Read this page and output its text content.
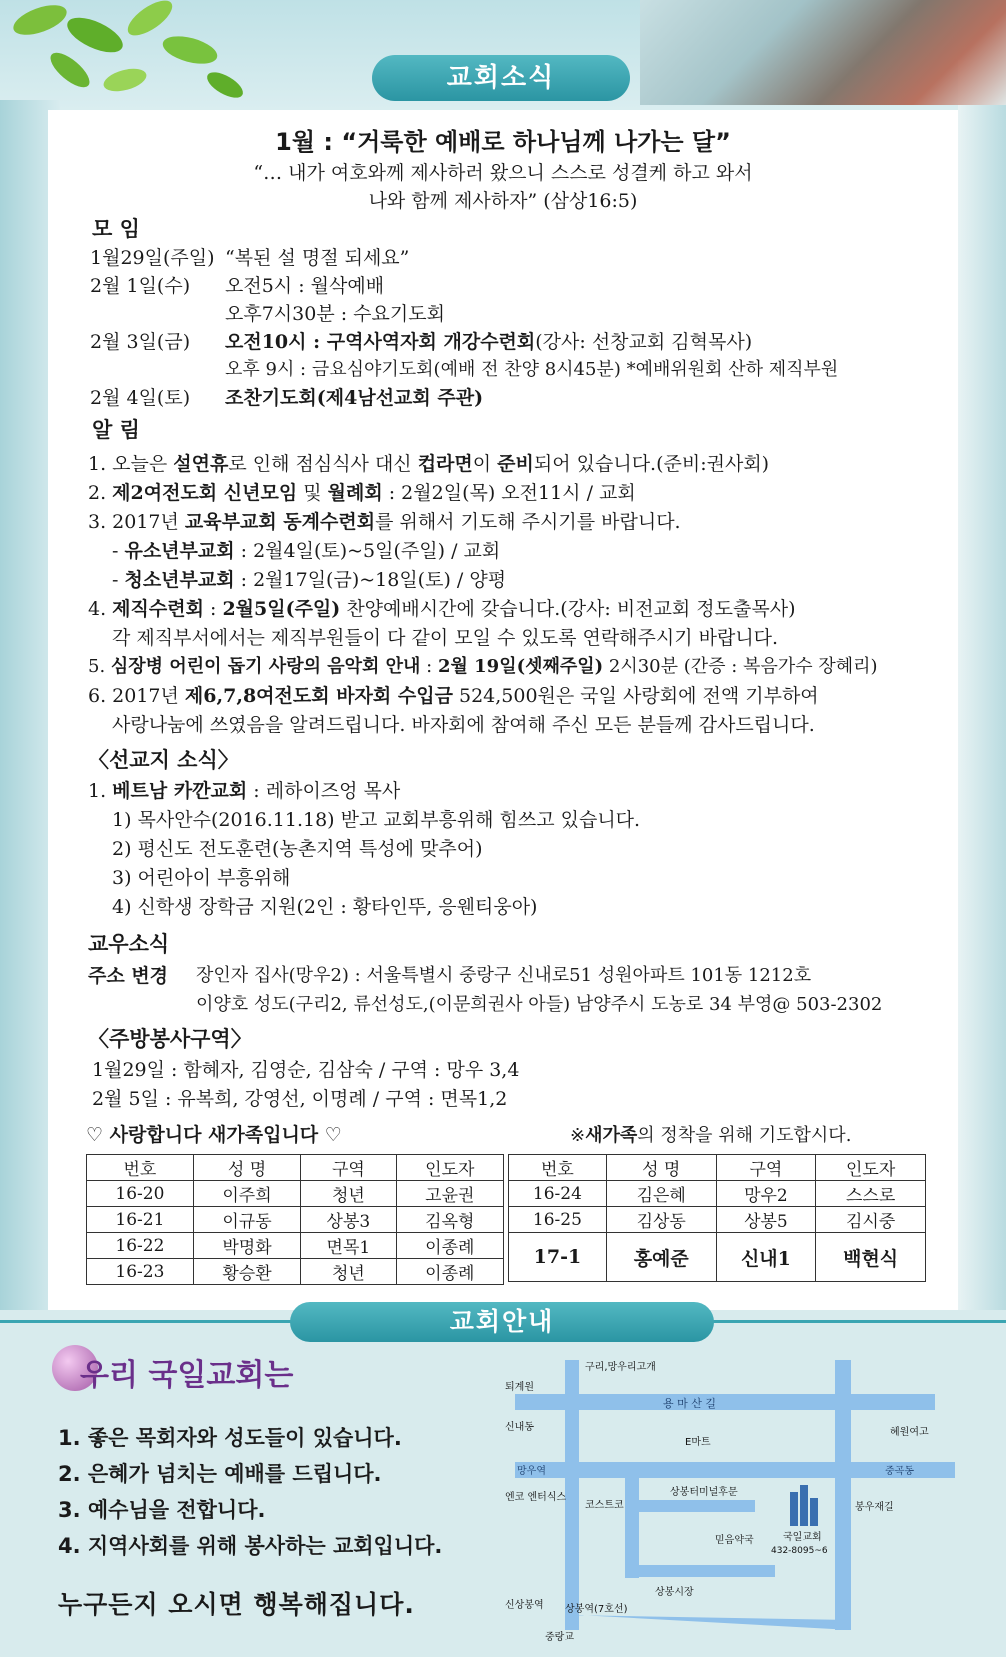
교회소식
1월 : “거룩한 예배로 하나님께 나가는 달”
“… 내가 여호와께 제사하러 왔으니 스스로 성결케 하고 와서
나와 함께 제사하자” (삼상16:5)
모 임
1월29일(주일) “복된 설 명절 되세요”
2월 1일(수) 오전5시 : 월삭예배
오후7시30분 : 수요기도회
2월 3일(금) 오전10시 : 구역사역자회 개강수련회(강사: 선창교회 김혁목사)
오후 9시 : 금요심야기도회(예배 전 찬양 8시45분) *예배위원회 산하 제직부원
2월 4일(토) 조찬기도회(제4남선교회 주관)
알 림
1. 오늘은 설연휴로 인해 점심식사 대신 컵라면이 준비되어 있습니다.(준비:권사회)
2. 제2여전도회 신년모임 및 월례회 : 2월2일(목) 오전11시 / 교회
3. 2017년 교육부교회 동계수련회를 위해서 기도해 주시기를 바랍니다.
- 유소년부교회 : 2월4일(토)~5일(주일) / 교회
- 청소년부교회 : 2월17일(금)~18일(토) / 양평
4. 제직수련회 : 2월5일(주일) 찬양예배시간에 갖습니다.(강사: 비전교회 정도출목사)
각 제직부서에서는 제직부원들이 다 같이 모일 수 있도록 연락해주시기 바랍니다.
5. 심장병 어린이 돕기 사랑의 음악회 안내 : 2월 19일(셋째주일) 2시30분 (간증 : 복음가수 장혜리)
6. 2017년 제6,7,8여전도회 바자회 수입금 524,500원은 국일 사랑회에 전액 기부하여
사랑나눔에 쓰였음을 알려드립니다. 바자회에 참여해 주신 모든 분들께 감사드립니다.
〈선교지 소식〉
1. 베트남 카깐교회 : 레하이즈엉 목사
1) 목사안수(2016.11.18) 받고 교회부흥위해 힘쓰고 있습니다.
2) 평신도 전도훈련(농촌지역 특성에 맞추어)
3) 어린아이 부흥위해
4) 신학생 장학금 지원(2인 : 황타인뚜, 응웬티웅아)
교우소식
주소 변경 장인자 집사(망우2) : 서울특별시 중랑구 신내로51 성원아파트 101동 1212호
이양호 성도(구리2, 류선성도,(이문희권사 아들) 남양주시 도농로 34 부영@ 503-2302
〈주방봉사구역〉
1월29일 : 함혜자, 김영순, 김삼숙 / 구역 : 망우 3,4
2월 5일 : 유복희, 강영선, 이명례 / 구역 : 면목1,2
♡ 사랑합니다 새가족입니다 ♡	※새가족의 정착을 위해 기도합시다.
번호	성 명	구역	인도자
16-20	이주희	청년	고윤권
16-21	이규동	상봉3	김옥형
16-22	박명화	면목1	이종례
16-23	황승환	청년	이종례
번호	성 명	구역	인도자
16-24	김은혜	망우2	스스로
16-25	김상동	상봉5	김시중
17-1	홍예준	신내1	백현식
교회안내
우리 국일교회는
1. 좋은 목회자와 성도들이 있습니다.
2. 은혜가 넘치는 예배를 드립니다.
3. 예수님을 전합니다.
4. 지역사회를 위해 봉사하는 교회입니다.
누구든지 오시면 행복해집니다.
용 마 산 길
구리,망우리고개
퇴계원
신내동
E마트
혜원여고
망우역	중곡동
엔코 엔터식스
코스트코
상봉터미널후문
믿음약국	국일교회
432-8095~6
봉우재길
상봉시장
신상봉역 상봉역(7호선)
중랑교
